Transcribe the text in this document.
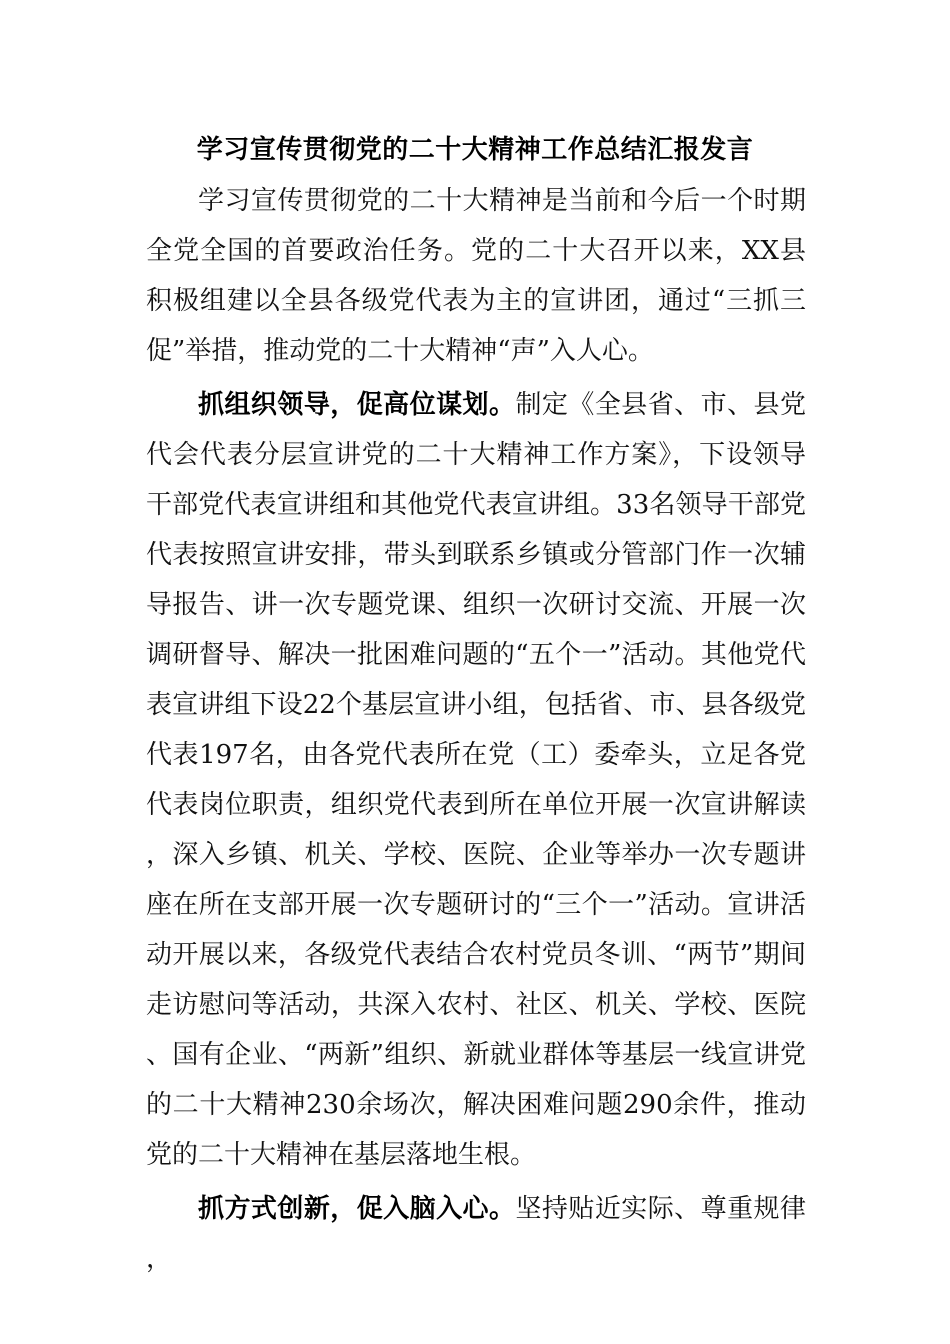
学习宣传贯彻党的二十大精神工作总结汇报发言

学习宣传贯彻党的二十大精神是当前和今后一个时期全党全国的首要政治任务。党的二十大召开以来，XX县积极组建以全县各级党代表为主的宣讲团，通过“三抓三促”举措，推动党的二十大精神“声”入人心。

抓组织领导，促高位谋划。制定《全县省、市、县党代会代表分层宣讲党的二十大精神工作方案》，下设领导干部党代表宣讲组和其他党代表宣讲组。33名领导干部党代表按照宣讲安排，带头到联系乡镇或分管部门作一次辅导报告、讲一次专题党课、组织一次研讨交流、开展一次调研督导、解决一批困难问题的“五个一”活动。其他党代表宣讲组下设22个基层宣讲小组，包括省、市、县各级党代表197名，由各党代表所在党（工）委牵头，立足各党代表岗位职责，组织党代表到所在单位开展一次宣讲解读，深入乡镇、机关、学校、医院、企业等举办一次专题讲座在所在支部开展一次专题研讨的“三个一”活动。宣讲活动开展以来，各级党代表结合农村党员冬训、“两节”期间走访慰问等活动，共深入农村、社区、机关、学校、医院、国有企业、“两新”组织、新就业群体等基层一线宣讲党的二十大精神230余场次，解决困难问题290余件，推动党的二十大精神在基层落地生根。

抓方式创新，促入脑入心。坚持贴近实际、尊重规律，
